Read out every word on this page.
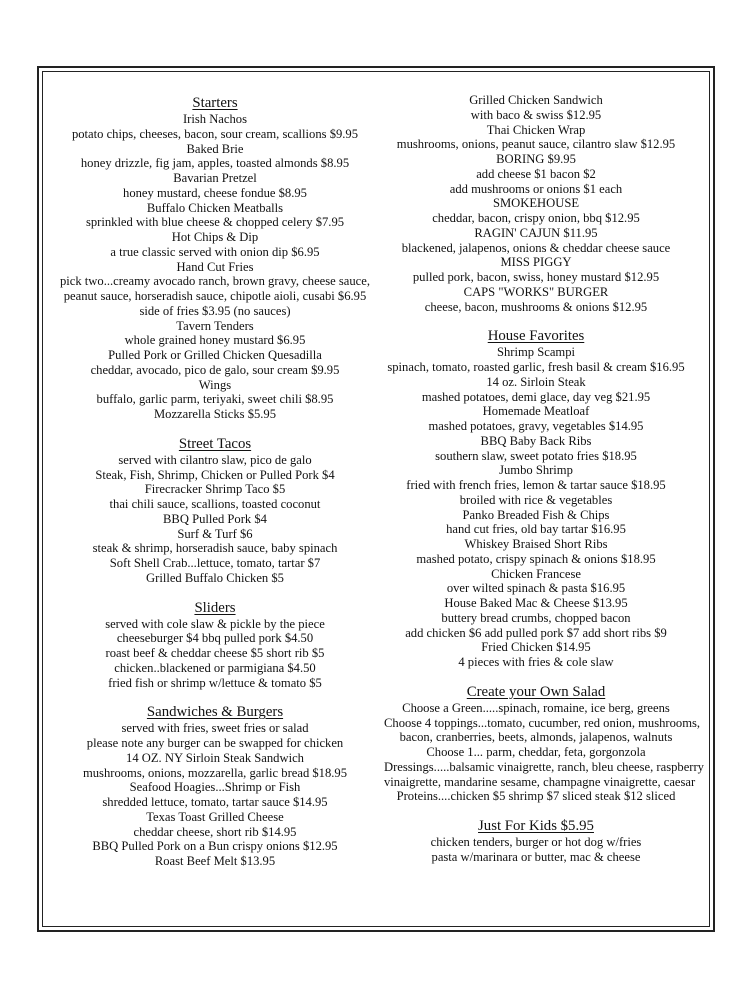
Starters
Irish Nachos
potato chips, cheeses, bacon, sour cream, scallions $9.95
Baked Brie
honey drizzle, fig jam, apples, toasted almonds $8.95
Bavarian Pretzel
honey mustard, cheese fondue $8.95
Buffalo Chicken Meatballs
sprinkled with blue cheese & chopped celery $7.95
Hot Chips & Dip
a true classic served with onion dip $6.95
Hand Cut Fries
pick two...creamy avocado ranch, brown gravy, cheese sauce,
peanut sauce, horseradish sauce, chipotle aioli, cusabi $6.95
side of fries $3.95 (no sauces)
Tavern Tenders
whole grained honey mustard $6.95
Pulled Pork or Grilled Chicken Quesadilla
cheddar, avocado, pico de galo, sour cream $9.95
Wings
buffalo, garlic parm, teriyaki, sweet chili $8.95
Mozzarella Sticks $5.95
Street Tacos
served with cilantro slaw, pico de galo
Steak, Fish, Shrimp, Chicken or Pulled Pork $4
Firecracker Shrimp Taco $5
thai chili sauce, scallions, toasted coconut
BBQ Pulled Pork $4
Surf & Turf $6
steak & shrimp, horseradish sauce, baby spinach
Soft Shell Crab...lettuce, tomato, tartar $7
Grilled Buffalo Chicken $5
Sliders
served with cole slaw & pickle by the piece
cheeseburger $4 bbq pulled pork $4.50
roast beef & cheddar cheese $5 short rib $5
chicken..blackened or parmigiana $4.50
fried fish or shrimp w/lettuce & tomato $5
Sandwiches & Burgers
served with fries, sweet fries or salad
please note any burger can be swapped for chicken
14 OZ. NY Sirloin Steak Sandwich
mushrooms, onions, mozzarella, garlic bread $18.95
Seafood Hoagies...Shrimp or Fish
shredded lettuce, tomato, tartar sauce $14.95
Texas Toast Grilled Cheese
cheddar cheese, short rib $14.95
BBQ Pulled Pork on a Bun crispy onions $12.95
Roast Beef Melt $13.95
Grilled Chicken Sandwich
with baco & swiss $12.95
Thai Chicken Wrap
mushrooms, onions, peanut sauce, cilantro slaw $12.95
BORING $9.95
add cheese $1 bacon $2
add mushrooms or onions $1 each
SMOKEHOUSE
cheddar, bacon, crispy onion, bbq $12.95
RAGIN' CAJUN $11.95
blackened, jalapenos, onions & cheddar cheese sauce
MISS PIGGY
pulled pork, bacon, swiss, honey mustard $12.95
CAPS "WORKS" BURGER
cheese, bacon, mushrooms & onions $12.95
House Favorites
Shrimp Scampi
spinach, tomato, roasted garlic, fresh basil & cream $16.95
14 oz. Sirloin Steak
mashed potatoes, demi glace, day veg $21.95
Homemade Meatloaf
mashed potatoes, gravy, vegetables $14.95
BBQ Baby Back Ribs
southern slaw, sweet potato fries $18.95
Jumbo Shrimp
fried with french fries, lemon & tartar sauce $18.95
broiled with rice & vegetables
Panko Breaded Fish & Chips
hand cut fries, old bay tartar $16.95
Whiskey Braised Short Ribs
mashed potato, crispy spinach & onions $18.95
Chicken Francese
over wilted spinach & pasta $16.95
House Baked Mac & Cheese $13.95
buttery bread crumbs, chopped bacon
add chicken $6 add pulled pork $7 add short ribs $9
Fried Chicken $14.95
4 pieces with fries & cole slaw
Create your Own Salad
Choose a Green.....spinach, romaine, ice berg, greens
Choose 4 toppings...tomato, cucumber, red onion, mushrooms,
bacon, cranberries, beets, almonds, jalapenos, walnuts
Choose 1... parm, cheddar, feta, gorgonzola
Dressings.....balsamic vinaigrette, ranch, bleu cheese, raspberry
vinaigrette, mandarine sesame, champagne vinaigrette, caesar
Proteins....chicken $5 shrimp $7 sliced steak $12 sliced
Just For Kids $5.95
chicken tenders, burger or hot dog w/fries
pasta w/marinara or butter, mac & cheese
